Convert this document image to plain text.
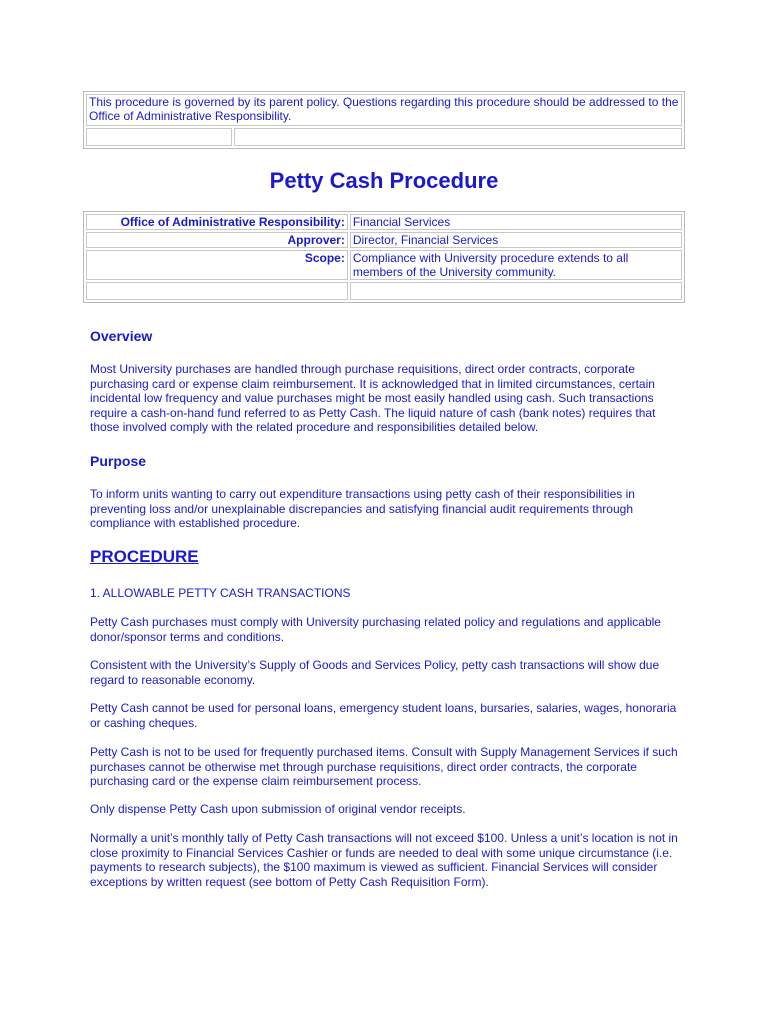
This procedure is governed by its parent policy. Questions regarding this procedure should be addressed to the Office of Administrative Responsibility.

Petty Cash Procedure
Office of Administrative Responsibility:	Financial Services
Approver:	Director, Financial Services
Scope:	Compliance with University procedure extends to all members of the University community.

Overview
Most University purchases are handled through purchase requisitions, direct order contracts, corporate purchasing card or expense claim reimbursement. It is acknowledged that in limited circumstances, certain incidental low frequency and value purchases might be most easily handled using cash. Such transactions require a cash-on-hand fund referred to as Petty Cash. The liquid nature of cash (bank notes) requires that those involved comply with the related procedure and responsibilities detailed below.
Purpose
To inform units wanting to carry out expenditure transactions using petty cash of their responsibilities in preventing loss and/or unexplainable discrepancies and satisfying financial audit requirements through compliance with established procedure.
PROCEDURE
1. ALLOWABLE PETTY CASH TRANSACTIONS
Petty Cash purchases must comply with University purchasing related policy and regulations and applicable donor/sponsor terms and conditions.
Consistent with the University’s Supply of Goods and Services Policy, petty cash transactions will show due regard to reasonable economy.
Petty Cash cannot be used for personal loans, emergency student loans, bursaries, salaries, wages, honoraria or cashing cheques.
Petty Cash is not to be used for frequently purchased items. Consult with Supply Management Services if such purchases cannot be otherwise met through purchase requisitions, direct order contracts, the corporate purchasing card or the expense claim reimbursement process.
Only dispense Petty Cash upon submission of original vendor receipts.
Normally a unit’s monthly tally of Petty Cash transactions will not exceed $100. Unless a unit’s location is not in close proximity to Financial Services Cashier or funds are needed to deal with some unique circumstance (i.e. payments to research subjects), the $100 maximum is viewed as sufficient. Financial Services will consider exceptions by written request (see bottom of Petty Cash Requisition Form).
